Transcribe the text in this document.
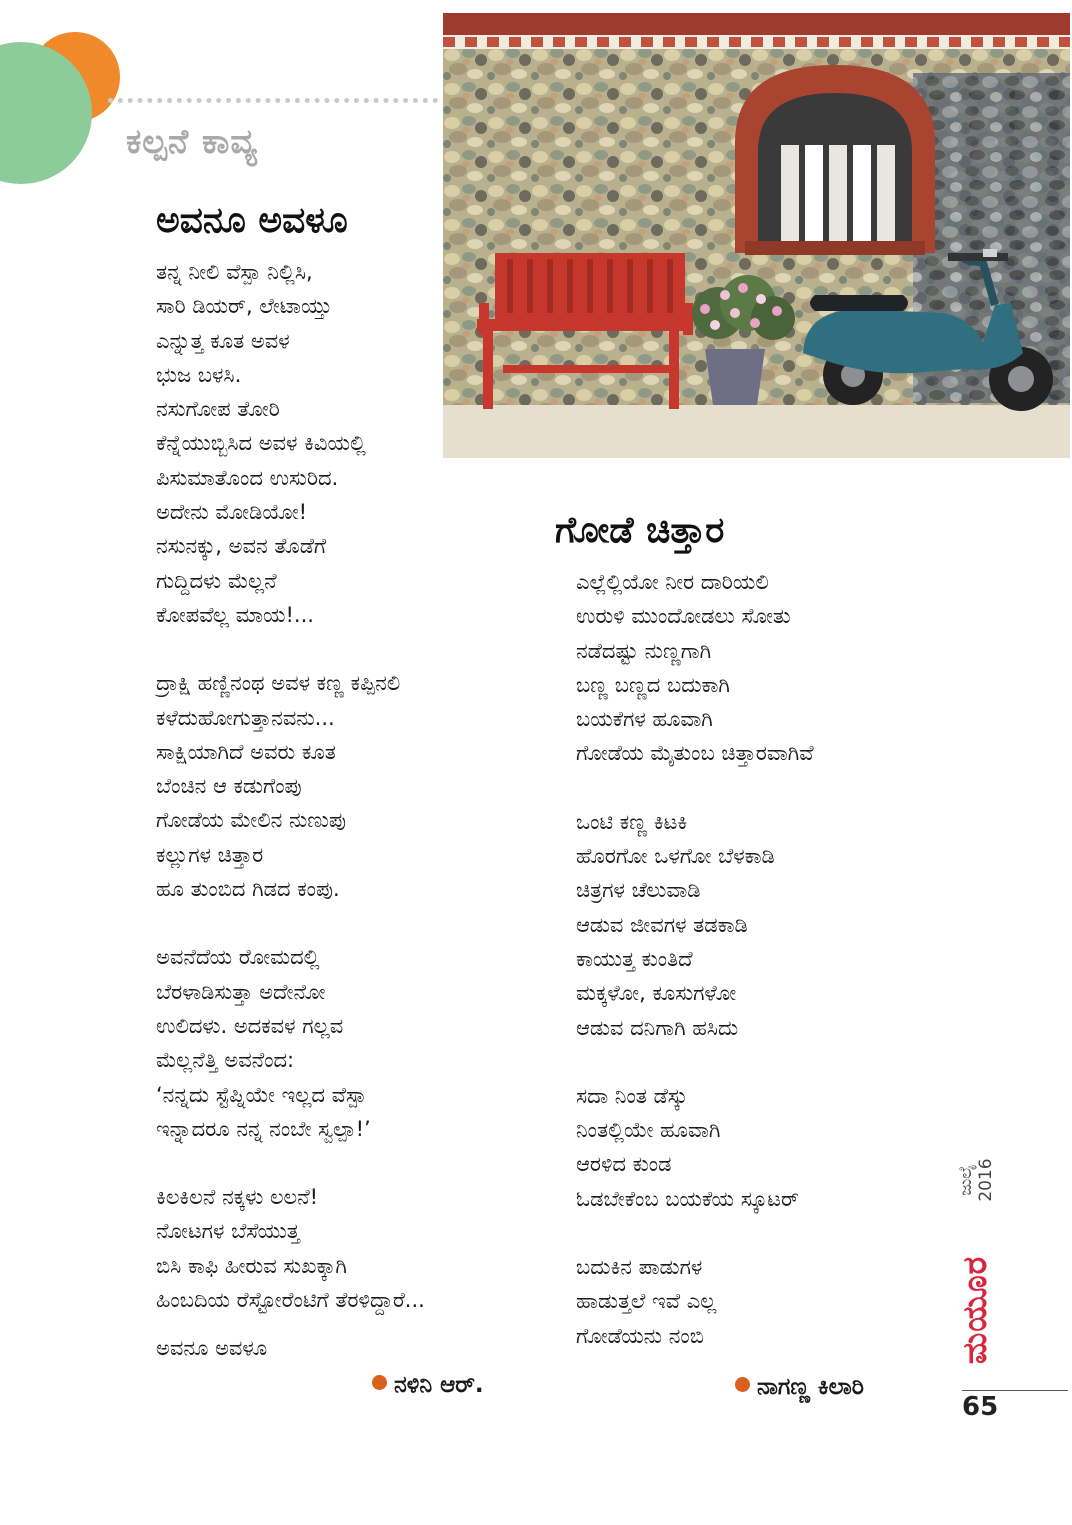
ಕಲ್ಪನೆ ಕಾವ್ಯ
ಅವನೂ ಅವಳೂ

ತನ್ನ ನೀಲಿ ವೆಸ್ಪಾ ನಿಲ್ಲಿಸಿ,
ಸಾರಿ ಡಿಯರ್, ಲೇಟಾಯ್ತು
ಎನ್ನುತ್ತ ಕೂತ ಅವಳ
ಭುಜ ಬಳಸಿ.
ನಸುಗೋಪ ತೋರಿ
ಕೆನ್ನೆಯುಬ್ಬಿಸಿದ ಅವಳ ಕಿವಿಯಲ್ಲಿ
ಪಿಸುಮಾತೊಂದ ಉಸುರಿದ.
ಅದೇನು ಮೋಡಿಯೋ!
ನಸುನಕ್ಕು, ಅವನ ತೊಡೆಗೆ
ಗುದ್ದಿದಳು ಮೆಲ್ಲನೆ
ಕೋಪವೆಲ್ಲ ಮಾಯ!...

ದ್ರಾಕ್ಷಿ ಹಣ್ಣಿನಂಥ ಅವಳ ಕಣ್ಣ ಕಪ್ಪಿನಲಿ
ಕಳೆದುಹೋಗುತ್ತಾನವನು...
ಸಾಕ್ಷಿಯಾಗಿದೆ ಅವರು ಕೂತ
ಬೆಂಚಿನ ಆ ಕಡುಗೆಂಪು
ಗೋಡೆಯ ಮೇಲಿನ ನುಣುಪು
ಕಲ್ಲುಗಳ ಚಿತ್ತಾರ
ಹೂ ತುಂಬಿದ ಗಿಡದ ಕಂಪು.

ಅವನೆದೆಯ ರೋಮದಲ್ಲಿ
ಬೆರಳಾಡಿಸುತ್ತಾ ಅದೇನೋ
ಉಲಿದಳು. ಅದಕವಳ ಗಲ್ಲವ
ಮೆಲ್ಲನೆತ್ತಿ ಅವನೆಂದ:
‘ನನ್ನದು ಸ್ಟೆಪ್ನಿಯೇ ಇಲ್ಲದ ವೆಸ್ಪಾ
ಇನ್ನಾದರೂ ನನ್ನ ನಂಬೇ ಸ್ವಲ್ಪಾ!’

ಕಿಲಕಿಲನೆ ನಕ್ಕಳು ಲಲನೆ!
ನೋಟಗಳ ಬೆಸೆಯುತ್ತ
ಬಿಸಿ ಕಾಫಿ ಹೀರುವ ಸುಖಕ್ಕಾಗಿ
ಹಿಂಬದಿಯ ರೆಸ್ಟೋರೆಂಟಿಗೆ ತೆರಳಿದ್ದಾರೆ...

ಅವನೂ ಅವಳೂ

ನಳಿನಿ ಆರ್.
ಗೋಡೆ ಚಿತ್ತಾರ

ಎಲ್ಲೆಲ್ಲಿಯೋ ನೀರ ದಾರಿಯಲಿ
ಉರುಳಿ ಮುಂದೋಡಲು ಸೋತು
ನಡೆದಷ್ಟು ನುಣ್ಣಗಾಗಿ
ಬಣ್ಣ ಬಣ್ಣದ ಬದುಕಾಗಿ
ಬಯಕೆಗಳ ಹೂವಾಗಿ
ಗೋಡೆಯ ಮೈತುಂಬ ಚಿತ್ತಾರವಾಗಿವೆ

ಒಂಟಿ ಕಣ್ಣ ಕಿಟಕಿ
ಹೊರಗೋ ಒಳಗೋ ಬೆಳಕಾಡಿ
ಚಿತ್ರಗಳ ಚೆಲುವಾಡಿ
ಆಡುವ ಜೀವಗಳ ತಡಕಾಡಿ
ಕಾಯುತ್ತ ಕುಂತಿದೆ
ಮಕ್ಕಳೋ, ಕೂಸುಗಳೋ
ಆಡುವ ದನಿಗಾಗಿ ಹಸಿದು

ಸದಾ ನಿಂತ ಡೆಸ್ಕು
ನಿಂತಲ್ಲಿಯೇ ಹೂವಾಗಿ
ಆರಳಿದ ಕುಂಡ
ಓಡಬೇಕೆಂಬ ಬಯಕೆಯ ಸ್ಕೂಟರ್

ಬದುಕಿನ ಪಾಡುಗಳ
ಹಾಡುತ್ತಲೆ ಇವೆ ಎಲ್ಲ
ಗೋಡೆಯನು ನಂಬಿ

ನಾಗಣ್ಣ ಕಿಲಾರಿ
ಜುಲೈ 2016
ಮಯೂರ
65
